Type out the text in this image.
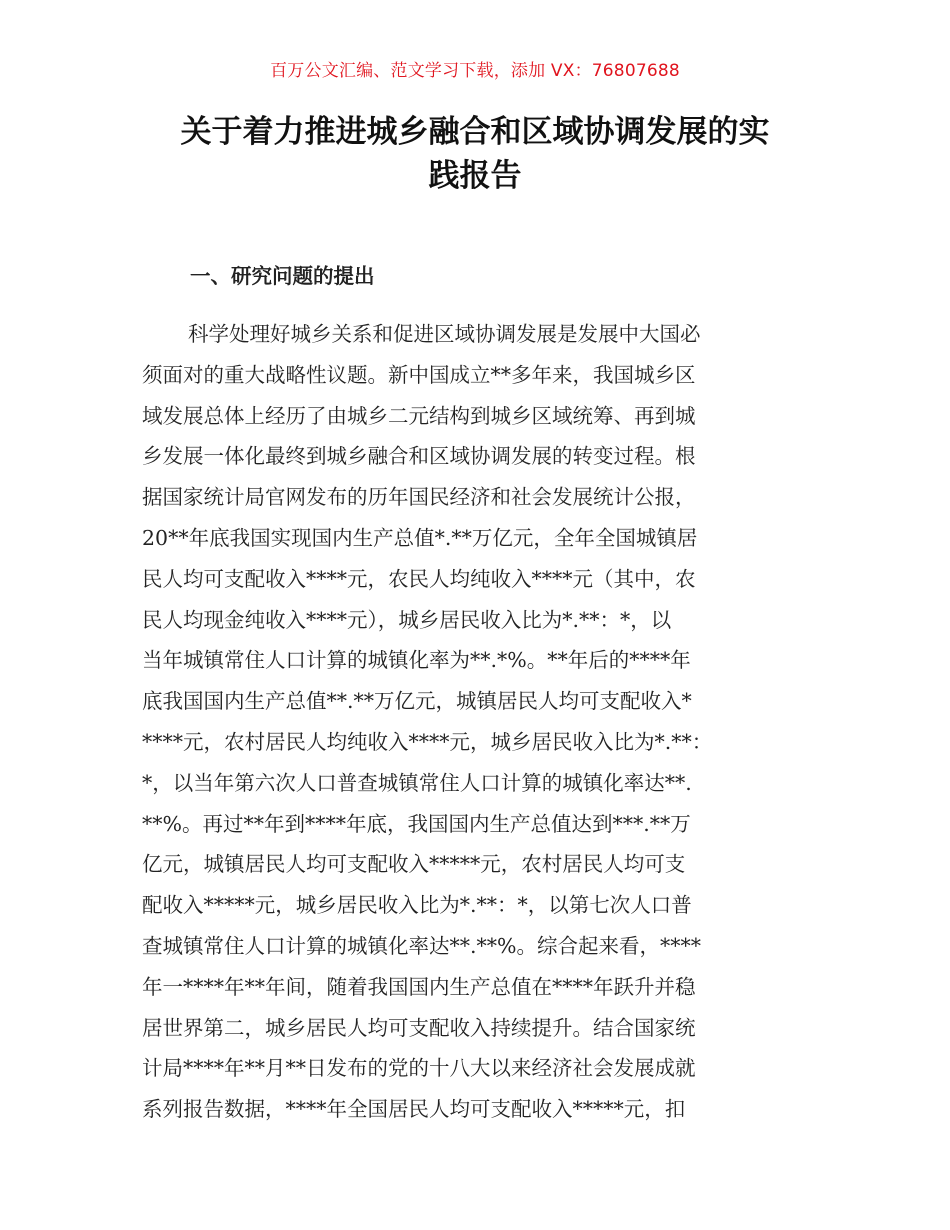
百万公文汇编、范文学习下载，添加 VX：76807688
关于着力推进城乡融合和区域协调发展的实
践报告
一、研究问题的提出
科学处理好城乡关系和促进区域协调发展是发展中大国必
须面对的重大战略性议题。新中国成立**多年来，我国城乡区
域发展总体上经历了由城乡二元结构到城乡区域统筹、再到城
乡发展一体化最终到城乡融合和区域协调发展的转变过程。根
据国家统计局官网发布的历年国民经济和社会发展统计公报，
20**年底我国实现国内生产总值*.**万亿元，全年全国城镇居
民人均可支配收入****元，农民人均纯收入****元（其中，农
民人均现金纯收入****元），城乡居民收入比为*.**：*，以
当年城镇常住人口计算的城镇化率为**.*%。**年后的****年
底我国国内生产总值**.**万亿元，城镇居民人均可支配收入*
****元，农村居民人均纯收入****元，城乡居民收入比为*.**：
*，以当年第六次人口普查城镇常住人口计算的城镇化率达**.
**%。再过**年到****年底，我国国内生产总值达到***.**万
亿元，城镇居民人均可支配收入*****元，农村居民人均可支
配收入*****元，城乡居民收入比为*.**：*，以第七次人口普
查城镇常住人口计算的城镇化率达**.**%。综合起来看，****
年一****年**年间，随着我国国内生产总值在****年跃升并稳
居世界第二，城乡居民人均可支配收入持续提升。结合国家统
计局****年**月**日发布的党的十八大以来经济社会发展成就
系列报告数据，****年全国居民人均可支配收入*****元，扣
